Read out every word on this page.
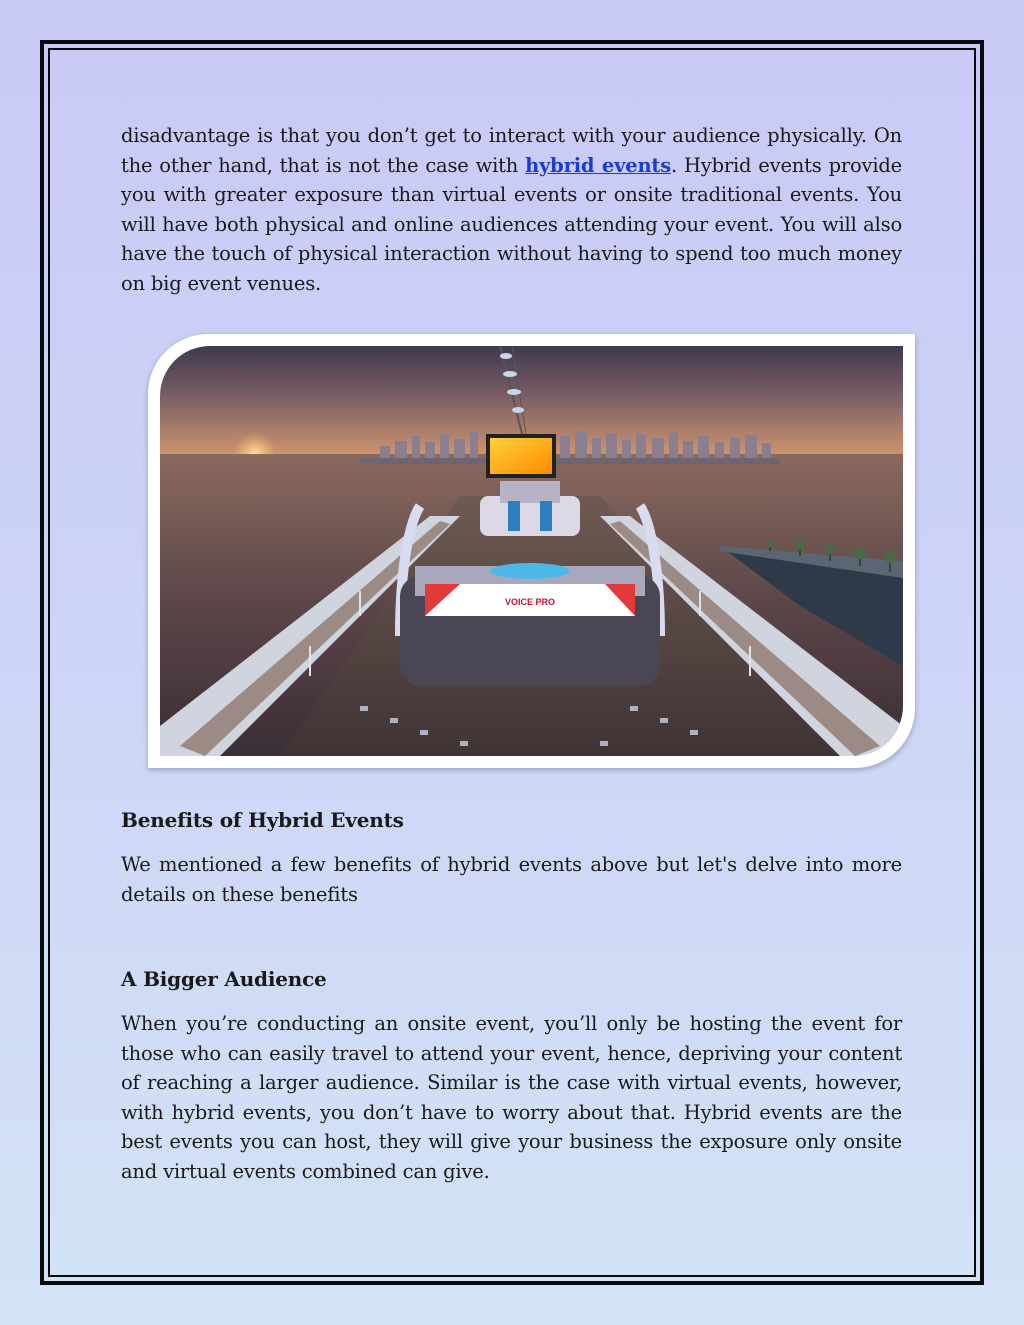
disadvantage is that you don’t get to interact with your audience physically. On the other hand, that is not the case with hybrid events. Hybrid events provide you with greater exposure than virtual events or onsite traditional events. You will have both physical and online audiences attending your event. You will also have the touch of physical interaction without having to spend too much money on big event venues.

VOICE PRO
Benefits of Hybrid Events

We mentioned a few benefits of hybrid events above but let's delve into more details on these benefits

A Bigger Audience

When you’re conducting an onsite event, you’ll only be hosting the event for those who can easily travel to attend your event, hence, depriving your content of reaching a larger audience. Similar is the case with virtual events, however, with hybrid events, you don’t have to worry about that. Hybrid events are the best events you can host, they will give your business the exposure only onsite and virtual events combined can give.
